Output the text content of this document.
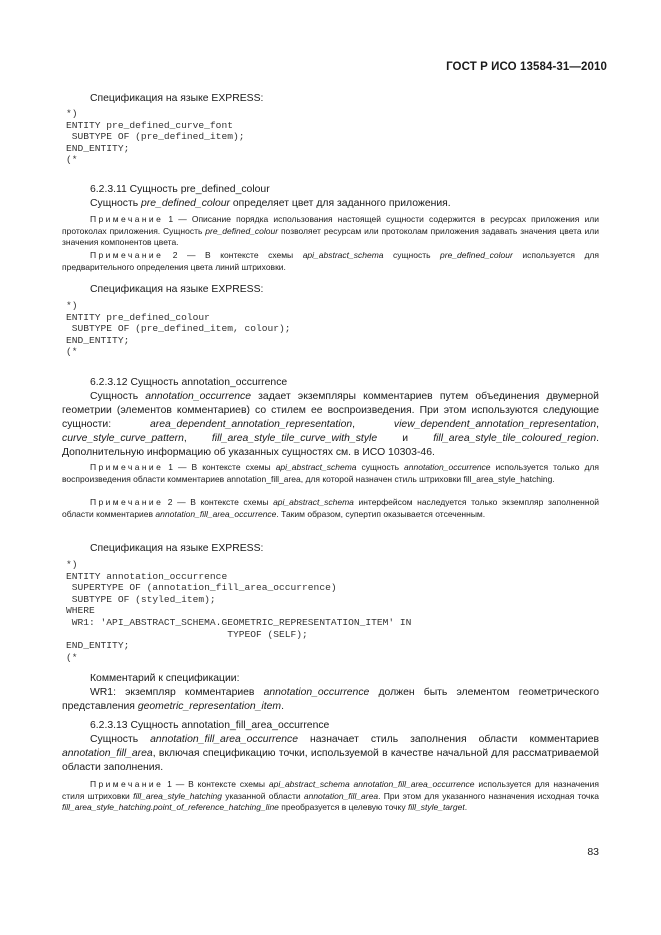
ГОСТ Р ИСО 13584-31—2010
Спецификация на языке EXPRESS:
*)
ENTITY pre_defined_curve_font
SUBTYPE OF (pre_defined_item);
END_ENTITY;
(*
6.2.3.11 Сущность pre_defined_colour
Сущность pre_defined_colour определяет цвет для заданного приложения.
Примечание 1 — Описание порядка использования настоящей сущности содержится в ресурсах приложения или протоколах приложения. Сущность pre_defined_colour позволяет ресурсам или протоколам приложения задавать значения цвета или значения компонентов цвета.
Примечание 2 — В контексте схемы api_abstract_schema сущность pre_defined_colour используется для предварительного определения цвета линий штриховки.
Спецификация на языке EXPRESS:
*)
ENTITY pre_defined_colour
SUBTYPE OF (pre_defined_item, colour);
END_ENTITY;
(*
6.2.3.12 Сущность annotation_occurrence
Сущность annotation_occurrence задает экземпляры комментариев путем объединения двумерной геометрии (элементов комментариев) со стилем ее воспроизведения. При этом используются следующие сущности: area_dependent_annotation_representation, view_dependent_annotation_representation, curve_style_curve_pattern, fill_area_style_tile_curve_with_style и fill_area_style_tile_coloured_region. Дополнительную информацию об указанных сущностях см. в ИСО 10303-46.
Примечание 1 — В контексте схемы api_abstract_schema сущность annotation_occurrence используется только для воспроизведения области комментариев annotation_fill_area, для которой назначен стиль штриховки fill_area_style_hatching.
Примечание 2 — В контексте схемы api_abstract_schema интерфейсом наследуется только экземпляр заполненной области комментариев annotation_fill_area_occurrence. Таким образом, супертип оказывается отсеченным.
Спецификация на языке EXPRESS:
*)
ENTITY annotation_occurrence
SUPERTYPE OF (annotation_fill_area_occurrence)
SUBTYPE OF (styled_item);
WHERE
WR1: 'API_ABSTRACT_SCHEMA.GEOMETRIC_REPRESENTATION_ITEM' IN
TYPEOF (SELF);
END_ENTITY;
(*
Комментарий к спецификации:
WR1: экземпляр комментариев annotation_occurrence должен быть элементом геометрического представления geometric_representation_item.
6.2.3.13 Сущность annotation_fill_area_occurrence
Сущность annotation_fill_area_occurrence назначает стиль заполнения области комментариев annotation_fill_area, включая спецификацию точки, используемой в качестве начальной для рассматриваемой области заполнения.
Примечание 1 — В контексте схемы api_abstract_schema annotation_fill_area_occurrence используется для назначения стиля штриховки fill_area_style_hatching указанной области annotation_fill_area. При этом для указанного назначения исходная точка fill_area_style_hatching.point_of_reference_hatching_line преобразуется в целевую точку fill_style_target.
83
